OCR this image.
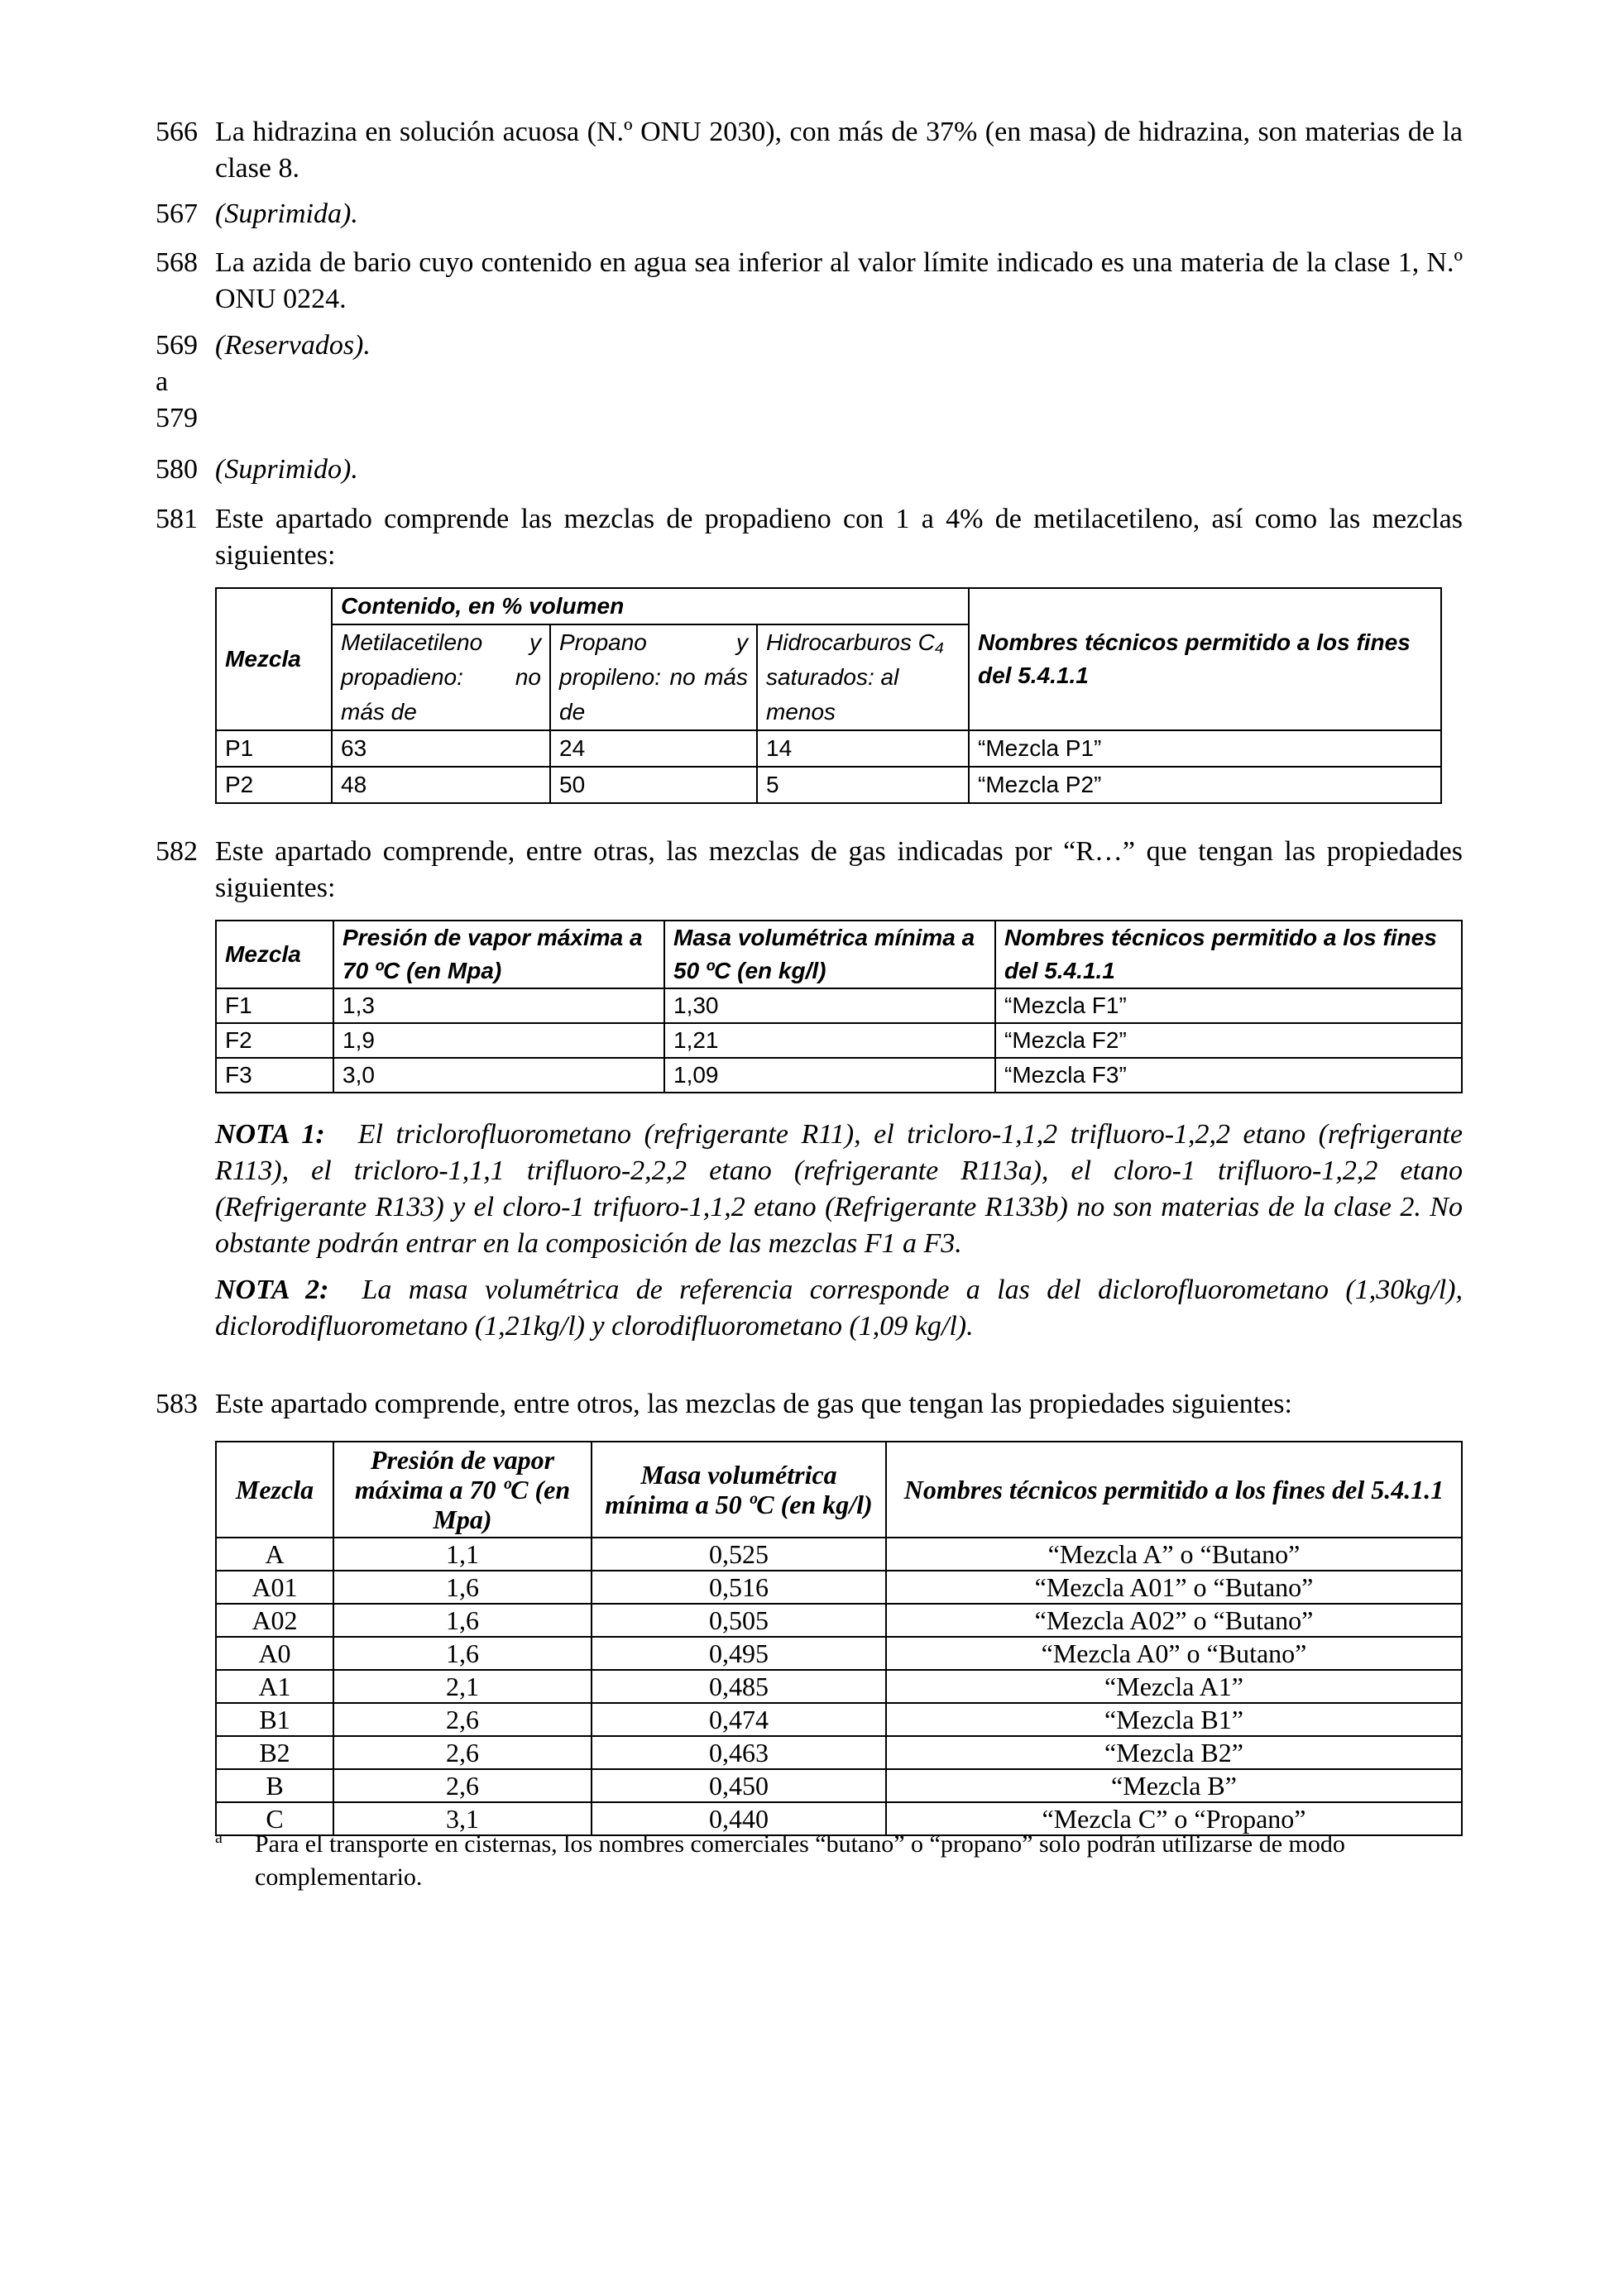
566 La hidrazina en solución acuosa (N.º ONU 2030), con más de 37% (en masa) de hidrazina, son materias de la clase 8.
567 (Suprimida).
568 La azida de bario cuyo contenido en agua sea inferior al valor límite indicado es una materia de la clase 1, N.º ONU 0224.
569
a
579
(Reservados).
580 (Suprimido).
581 Este apartado comprende las mezclas de propadieno con 1 a 4% de metilacetileno, así como las mezclas siguientes:
Mezcla	Contenido, en % volumen			Nombres técnicos permitido a los fines del 5.4.1.1
	Metilacetileno y propadieno: no más de	Propano y propileno: no más de	Hidrocarburos C₄ saturados: al menos	
P1	63	24	14	“Mezcla P1”
P2	48	50	5	“Mezcla P2”
582 Este apartado comprende, entre otras, las mezclas de gas indicadas por “R…” que tengan las propiedades siguientes:
Mezcla	Presión de vapor máxima a 70 ºC (en Mpa)	Masa volumétrica mínima a 50 ºC (en kg/l)	Nombres técnicos permitido a los fines del 5.4.1.1
F1	1,3	1,30	“Mezcla F1”
F2	1,9	1,21	“Mezcla F2”
F3	3,0	1,09	“Mezcla F3”
NOTA 1: El triclorofluorometano (refrigerante R11), el tricloro-1,1,2 trifluoro-1,2,2 etano (refrigerante R113), el tricloro-1,1,1 trifluoro-2,2,2 etano (refrigerante R113a), el cloro-1 trifluoro-1,2,2 etano (Refrigerante R133) y el cloro-1 trifuoro-1,1,2 etano (Refrigerante R133b) no son materias de la clase 2. No obstante podrán entrar en la composición de las mezclas F1 a F3.
NOTA 2: La masa volumétrica de referencia corresponde a las del diclorofluorometano (1,30kg/l), diclorodifluorometano (1,21kg/l) y clorodifluorometano (1,09 kg/l).
583 Este apartado comprende, entre otros, las mezclas de gas que tengan las propiedades siguientes:
Mezcla	Presión de vapor máxima a 70 ºC (en Mpa)	Masa volumétrica mínima a 50 ºC (en kg/l)	Nombres técnicos permitido a los fines del 5.4.1.1
A	1,1	0,525	“Mezcla A” o “Butano”
A01	1,6	0,516	“Mezcla A01” o “Butano”
A02	1,6	0,505	“Mezcla A02” o “Butano”
A0	1,6	0,495	“Mezcla A0” o “Butano”
A1	2,1	0,485	“Mezcla A1”
B1	2,6	0,474	“Mezcla B1”
B2	2,6	0,463	“Mezcla B2”
B	2,6	0,450	“Mezcla B”
C	3,1	0,440	“Mezcla C” o “Propano”
a Para el transporte en cisternas, los nombres comerciales “butano” o “propano” solo podrán utilizarse de modo complementario.
